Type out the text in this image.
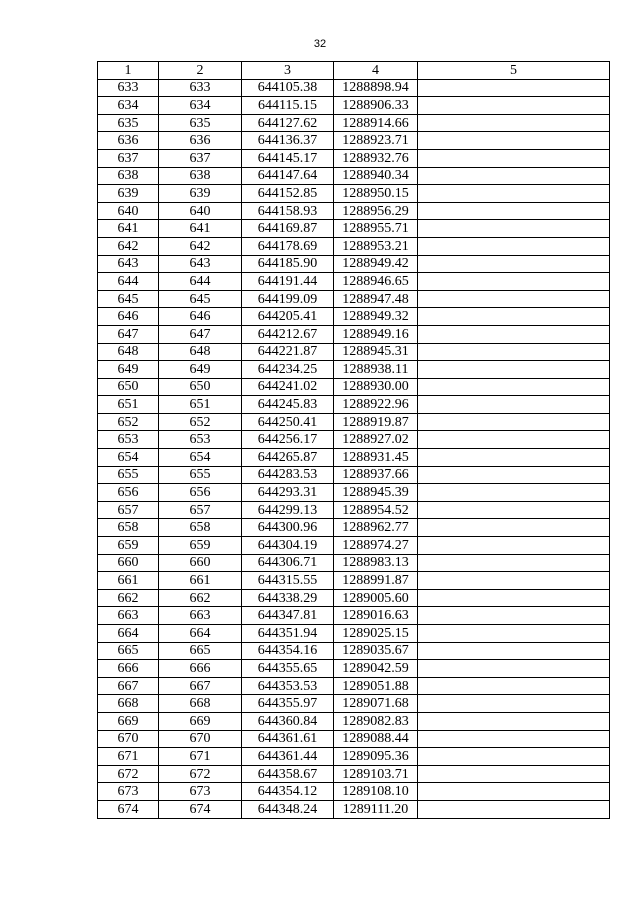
32
1	2	3	4	5
633	633	644105.38	1288898.94	
634	634	644115.15	1288906.33	
635	635	644127.62	1288914.66	
636	636	644136.37	1288923.71	
637	637	644145.17	1288932.76	
638	638	644147.64	1288940.34	
639	639	644152.85	1288950.15	
640	640	644158.93	1288956.29	
641	641	644169.87	1288955.71	
642	642	644178.69	1288953.21	
643	643	644185.90	1288949.42	
644	644	644191.44	1288946.65	
645	645	644199.09	1288947.48	
646	646	644205.41	1288949.32	
647	647	644212.67	1288949.16	
648	648	644221.87	1288945.31	
649	649	644234.25	1288938.11	
650	650	644241.02	1288930.00	
651	651	644245.83	1288922.96	
652	652	644250.41	1288919.87	
653	653	644256.17	1288927.02	
654	654	644265.87	1288931.45	
655	655	644283.53	1288937.66	
656	656	644293.31	1288945.39	
657	657	644299.13	1288954.52	
658	658	644300.96	1288962.77	
659	659	644304.19	1288974.27	
660	660	644306.71	1288983.13	
661	661	644315.55	1288991.87	
662	662	644338.29	1289005.60	
663	663	644347.81	1289016.63	
664	664	644351.94	1289025.15	
665	665	644354.16	1289035.67	
666	666	644355.65	1289042.59	
667	667	644353.53	1289051.88	
668	668	644355.97	1289071.68	
669	669	644360.84	1289082.83	
670	670	644361.61	1289088.44	
671	671	644361.44	1289095.36	
672	672	644358.67	1289103.71	
673	673	644354.12	1289108.10	
674	674	644348.24	1289111.20	
